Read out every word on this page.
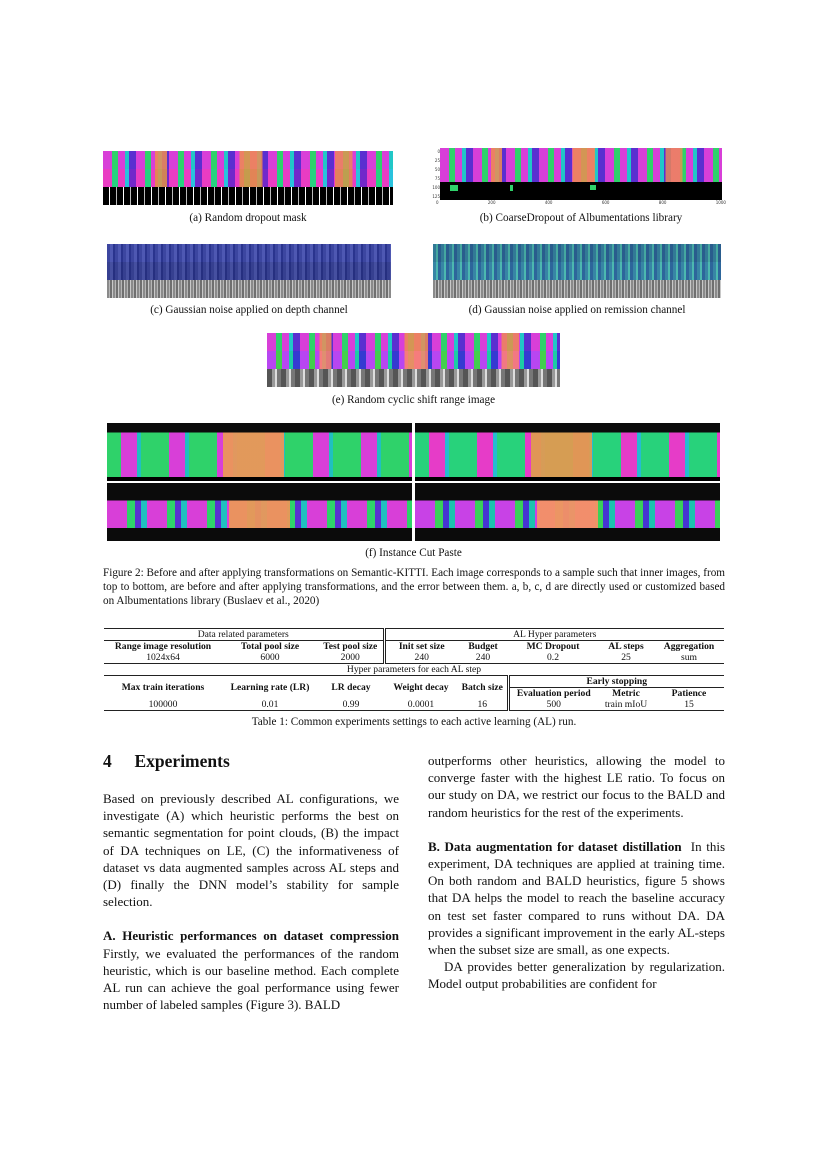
(a) Random dropout mask
0
25
50
75
100
125
0	200	400	600	800	1000
(b) CoarseDropout of Albumentations library
(c) Gaussian noise applied on depth channel	(d) Gaussian noise applied on remission channel
(e) Random cyclic shift range image
(f) Instance Cut Paste
Figure 2: Before and after applying transformations on Semantic-KITTI. Each image corresponds to a sample such that inner images, from top to bottom, are before and after applying transformations, and the error between them. a, b, c, d are directly used or customized based on Albumentations library (Buslaev et al., 2020)
Data related parameters			AL Hyper parameters				
Range image resolution	Total pool size	Test pool size	Init set size	Budget	MC Dropout	AL steps	Aggregation
1024x64	6000	2000	240	240	0.2	25	sum
Hyper parameters for each AL step							
Max train iterations	Learning rate (LR)	LR decay	Weight decay	Batch size	Early stopping		
					Evaluation period	Metric	Patience
100000	0.01	0.99	0.0001	16	500	train mIoU	15
Table 1: Common experiments settings to each active learning (AL) run.
4 Experiments

Based on previously described AL configurations, we investigate (A) which heuristic performs the best on semantic segmentation for point clouds, (B) the impact of DA techniques on LE, (C) the informativeness of dataset vs data augmented samples across AL steps and (D) finally the DNN model’s stability for sample selection.

A. Heuristic performances on dataset compression Firstly, we evaluated the performances of the random heuristic, which is our baseline method. Each complete AL run can achieve the goal performance using fewer number of labeled samples (Figure 3). BALD

outperforms other heuristics, allowing the model to converge faster with the highest LE ratio. To focus on our study on DA, we restrict our focus to the BALD and random heuristics for the rest of the experiments.

B. Data augmentation for dataset distillation In this experiment, DA techniques are applied at training time. On both random and BALD heuristics, figure 5 shows that DA helps the model to reach the baseline accuracy on test set faster compared to runs without DA. DA provides a significant improvement in the early AL-steps when the subset size are small, as one expects.

DA provides better generalization by regularization. Model output probabilities are confident for
